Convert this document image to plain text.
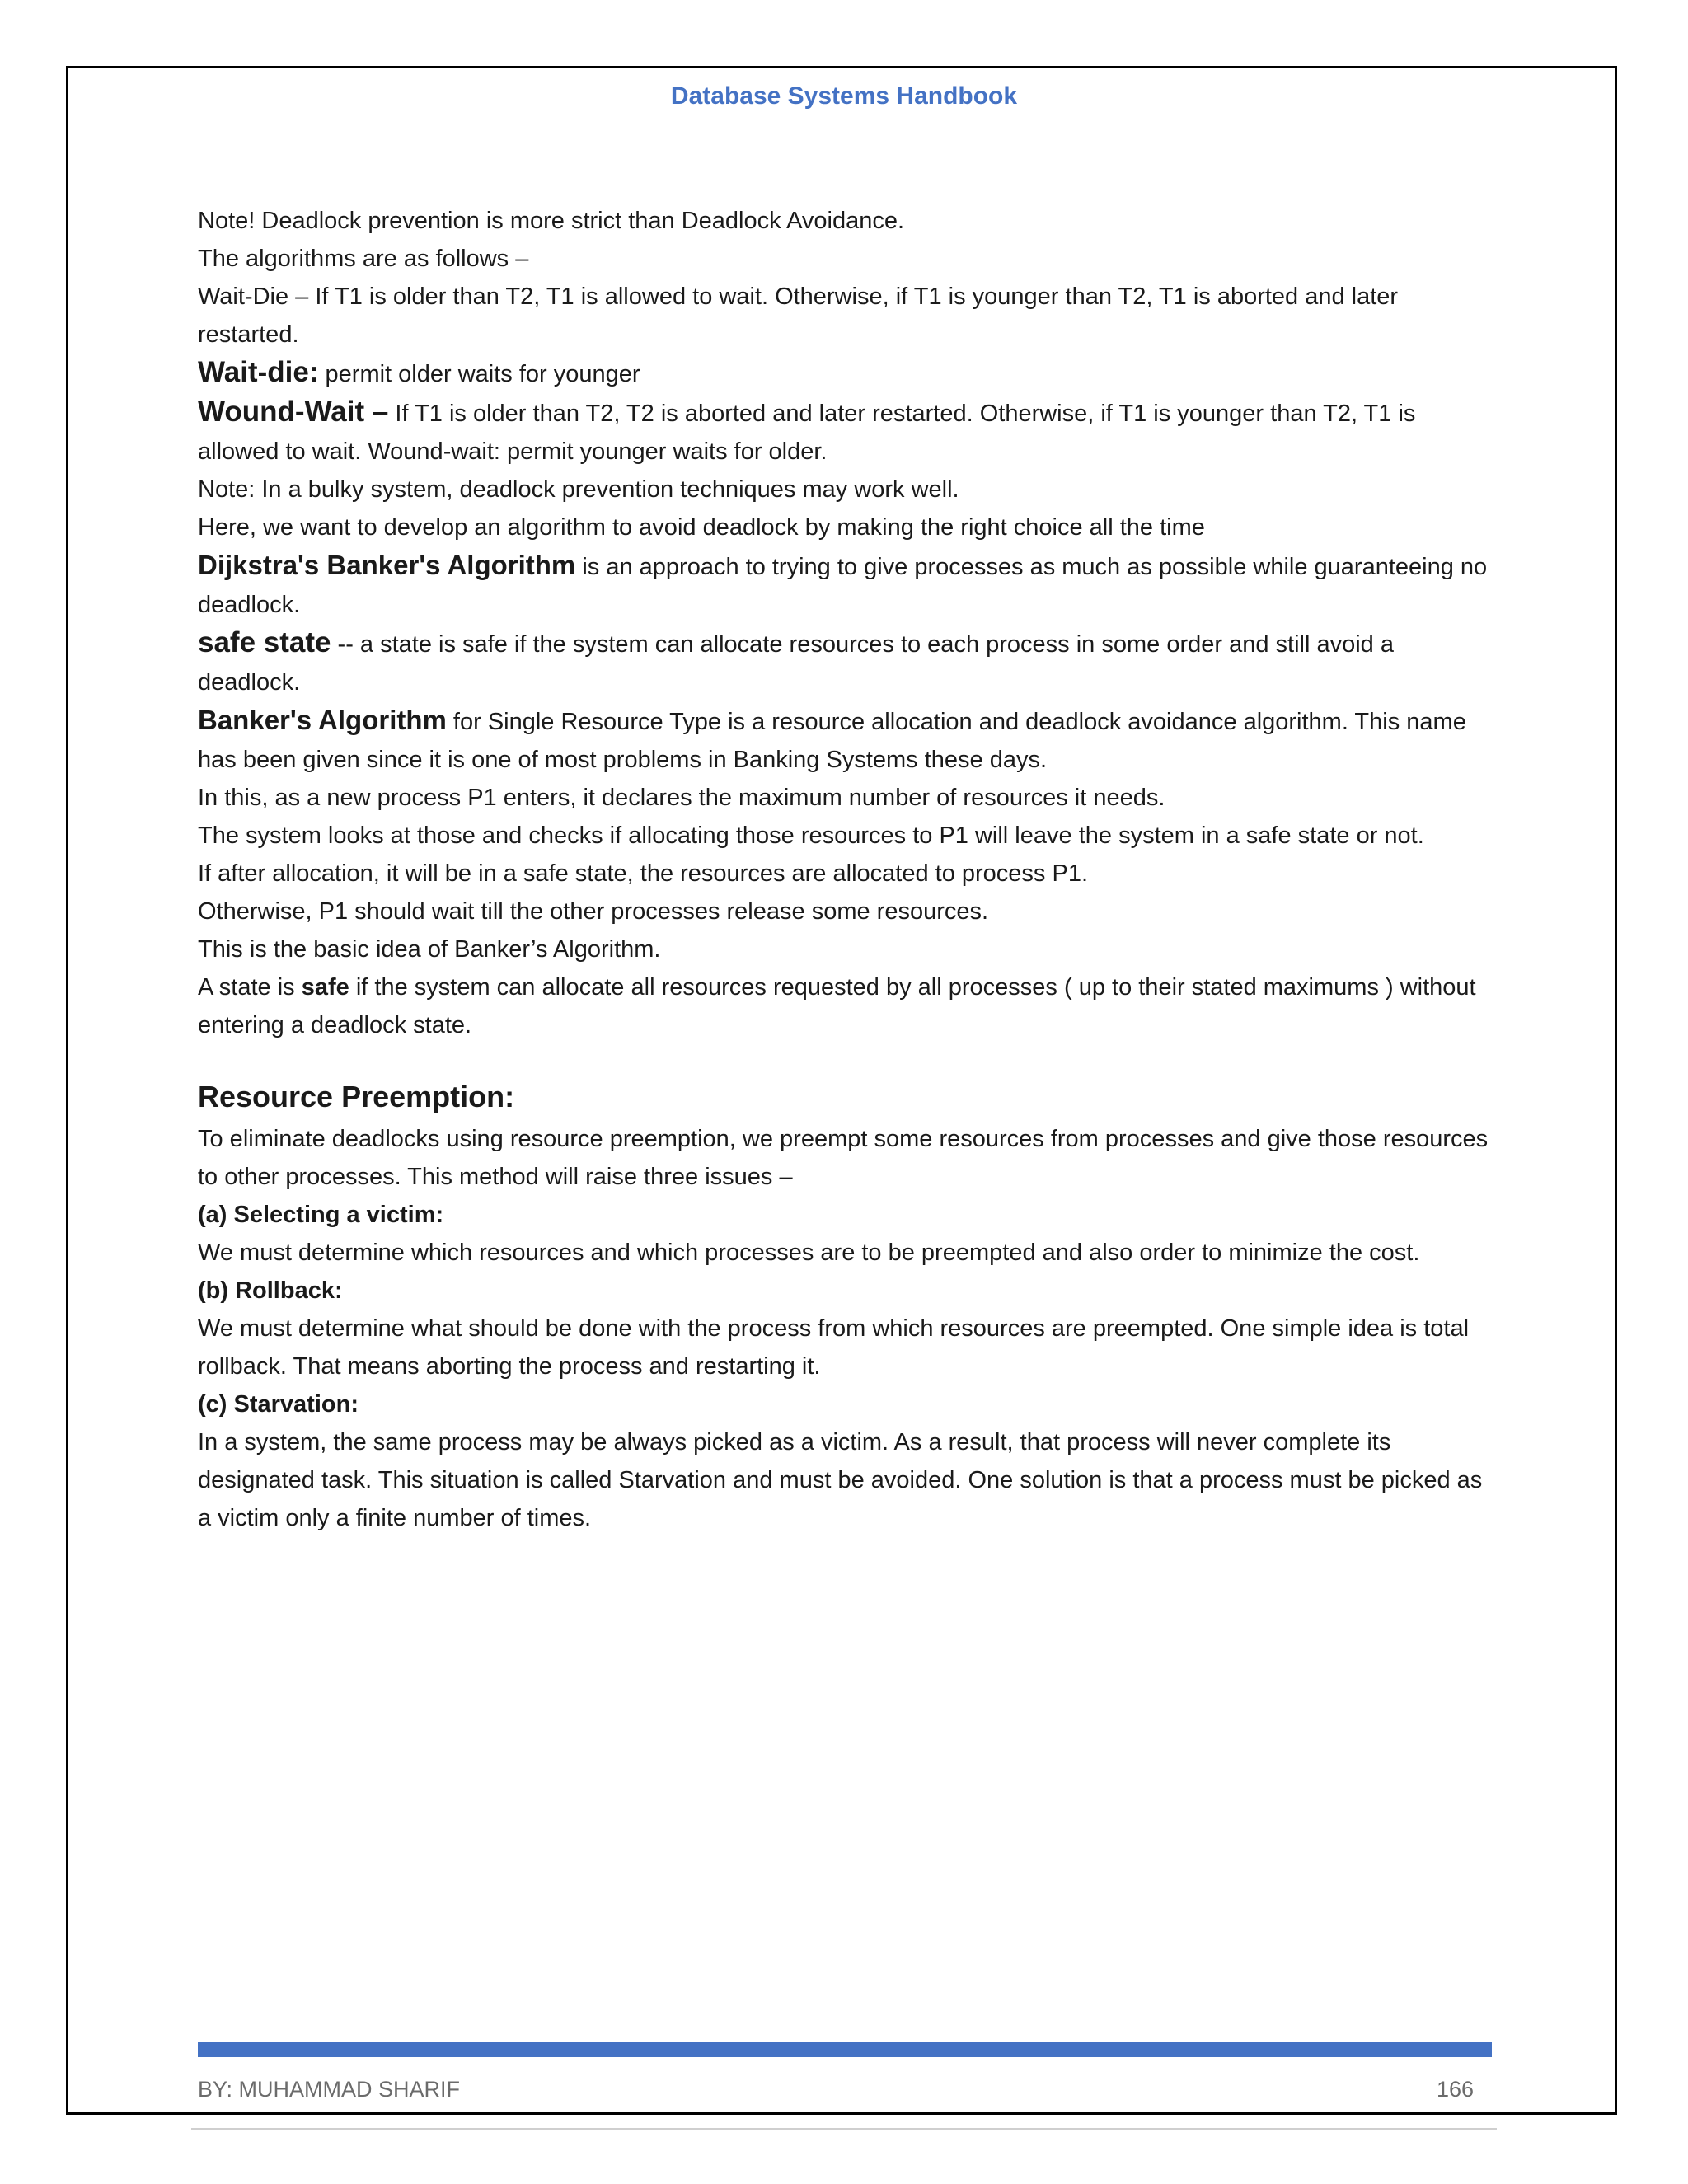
Database Systems Handbook

Note! Deadlock prevention is more strict than Deadlock Avoidance.

The algorithms are as follows –

Wait-Die – If T1 is older than T2, T1 is allowed to wait. Otherwise, if T1 is younger than T2, T1 is aborted and later restarted.

Wait-die: permit older waits for younger

Wound-Wait – If T1 is older than T2, T2 is aborted and later restarted. Otherwise, if T1 is younger than T2, T1 is allowed to wait. Wound-wait: permit younger waits for older.

Note: In a bulky system, deadlock prevention techniques may work well.

Here, we want to develop an algorithm to avoid deadlock by making the right choice all the time

Dijkstra's Banker's Algorithm is an approach to trying to give processes as much as possible while guaranteeing no deadlock.

safe state -- a state is safe if the system can allocate resources to each process in some order and still avoid a deadlock.

Banker's Algorithm for Single Resource Type is a resource allocation and deadlock avoidance algorithm. This name has been given since it is one of most problems in Banking Systems these days.

In this, as a new process P1 enters, it declares the maximum number of resources it needs.

The system looks at those and checks if allocating those resources to P1 will leave the system in a safe state or not.

If after allocation, it will be in a safe state, the resources are allocated to process P1.

Otherwise, P1 should wait till the other processes release some resources.

This is the basic idea of Banker’s Algorithm.

A state is safe if the system can allocate all resources requested by all processes ( up to their stated maximums ) without entering a deadlock state.

Resource Preemption:

To eliminate deadlocks using resource preemption, we preempt some resources from processes and give those resources to other processes. This method will raise three issues –

(a) Selecting a victim:

We must determine which resources and which processes are to be preempted and also order to minimize the cost.

(b) Rollback:

We must determine what should be done with the process from which resources are preempted. One simple idea is total rollback. That means aborting the process and restarting it.

(c) Starvation:

In a system, the same process may be always picked as a victim. As a result, that process will never complete its designated task. This situation is called Starvation and must be avoided. One solution is that a process must be picked as a victim only a finite number of times.

BY: MUHAMMAD SHARIF	166
